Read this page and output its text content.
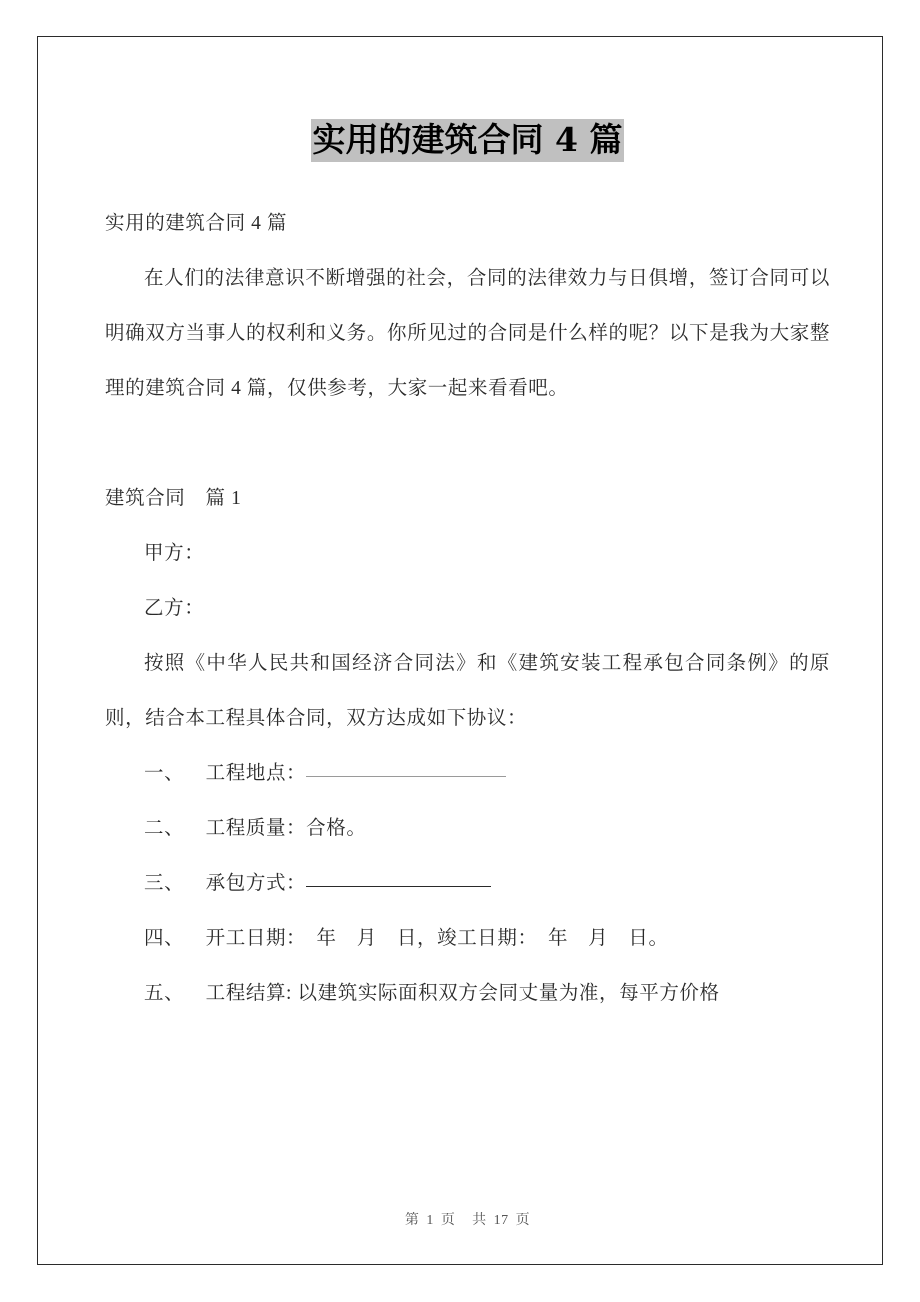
实用的建筑合同 4 篇

实用的建筑合同 4 篇

在人们的法律意识不断增强的社会，合同的法律效力与日俱增，签订合同可以明确双方当事人的权利和义务。你所见过的合同是什么样的呢？以下是我为大家整理的建筑合同 4 篇，仅供参考，大家一起来看看吧。

建筑合同　篇 1

甲方：

乙方：

按照《中华人民共和国经济合同法》和《建筑安装工程承包合同条例》的原则，结合本工程具体合同，双方达成如下协议：

一、 工程地点：

二、 工程质量：合格。

三、 承包方式：

四、 开工日期：　年　月　日，竣工日期：　年　月　日。

五、 工程结算: 以建筑实际面积双方会同丈量为准，每平方价格

第 1 页 共 17 页
